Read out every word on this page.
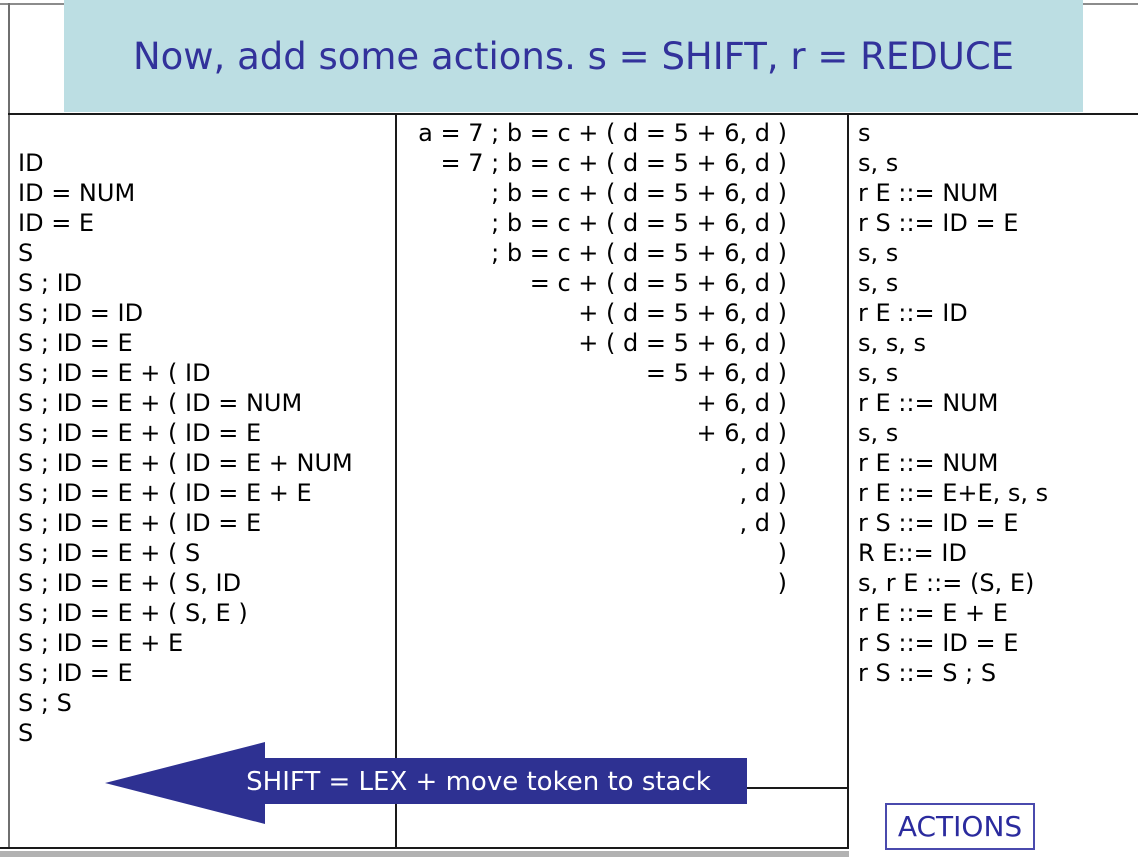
Now, add some actions. s = SHIFT, r = REDUCE

ID
ID = NUM
ID = E
S
S ; ID
S ; ID = ID
S ; ID = E
S ; ID = E + ( ID
S ; ID = E + ( ID = NUM
S ; ID = E + ( ID = E
S ; ID = E + ( ID = E + NUM
S ; ID = E + ( ID = E + E
S ; ID = E + ( ID = E
S ; ID = E + ( S
S ; ID = E + ( S, ID
S ; ID = E + ( S, E )
S ; ID = E + E
S ; ID = E
S ; S
S
a = 7 ; b = c + ( d = 5 + 6, d )
= 7 ; b = c + ( d = 5 + 6, d )
; b = c + ( d = 5 + 6, d )
; b = c + ( d = 5 + 6, d )
; b = c + ( d = 5 + 6, d )
= c + ( d = 5 + 6, d )
+ ( d = 5 + 6, d )
+ ( d = 5 + 6, d )
= 5 + 6, d )
+ 6, d )
+ 6, d )
, d )
, d )
, d )
)
)
s
s, s
r E ::= NUM
r S ::= ID = E
s, s
s, s
r E ::= ID
s, s, s
s, s
r E ::= NUM
s, s
r E ::= NUM
r E ::= E+E, s, s
r S ::= ID = E
R E::= ID
s, r E ::= (S, E)
r E ::= E + E
r S ::= ID = E
r S ::= S ; S
SHIFT = LEX + move token to stack
ACTIONS
